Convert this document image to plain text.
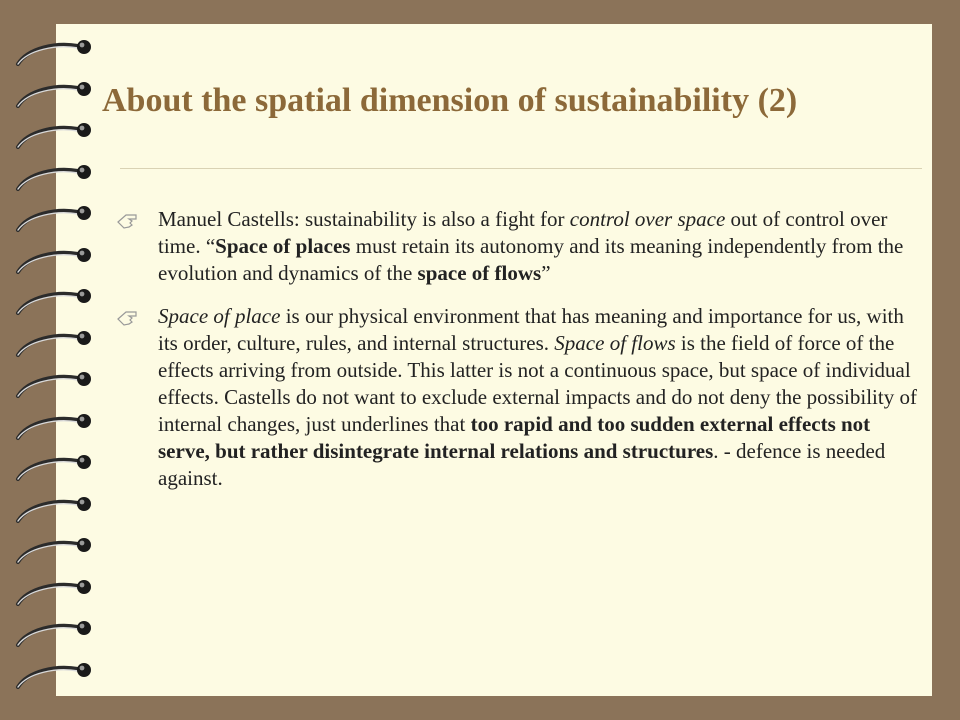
About the spatial dimension of sustainability (2)
Manuel Castells: sustainability is also a fight for control over space out of control over time. “Space of places must retain its autonomy and its meaning independently from the evolution and dynamics of the space of flows”
Space of place is our physical environment that has meaning and importance for us, with its order, culture, rules, and internal structures. Space of flows is the field of force of the effects arriving from outside. This latter is not a continuous space, but space of individual effects. Castells do not want to exclude external impacts and do not deny the possibility of internal changes, just underlines that too rapid and too sudden external effects not serve, but rather disintegrate internal relations and structures. - defence is needed against.
